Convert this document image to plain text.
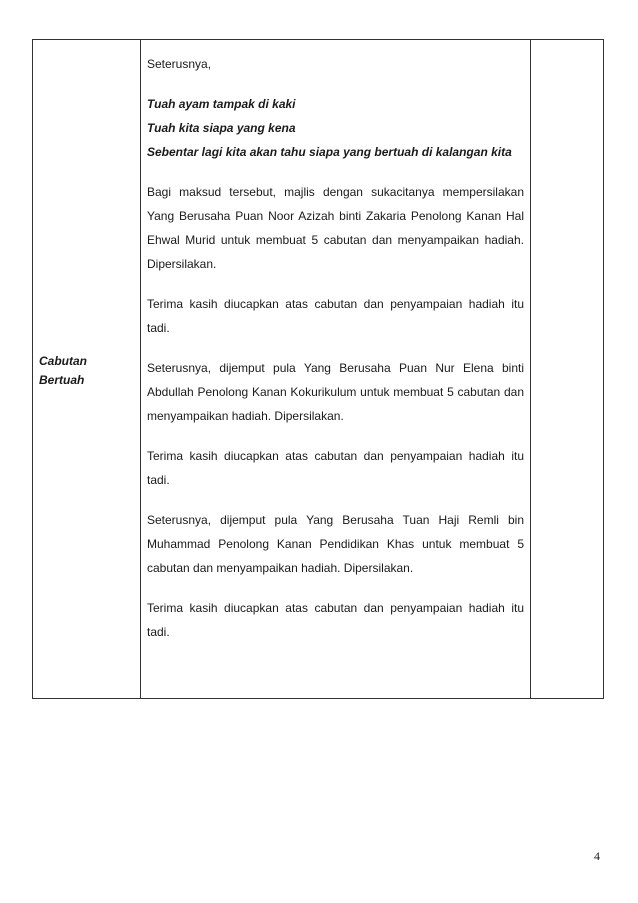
Cabutan
Bertuah

Seterusnya,

Tuah ayam tampak di kaki

Tuah kita siapa yang kena

Sebentar lagi kita akan tahu siapa yang bertuah di kalangan kita

Bagi maksud tersebut, majlis dengan sukacitanya mempersilakan Yang Berusaha Puan Noor Azizah binti Zakaria Penolong Kanan Hal Ehwal Murid untuk membuat 5 cabutan dan menyampaikan hadiah. Dipersilakan.

Terima kasih diucapkan atas cabutan dan penyampaian hadiah itu tadi.

Seterusnya, dijemput pula Yang Berusaha Puan Nur Elena binti Abdullah Penolong Kanan Kokurikulum untuk membuat 5 cabutan dan menyampaikan hadiah. Dipersilakan.

Terima kasih diucapkan atas cabutan dan penyampaian hadiah itu tadi.

Seterusnya, dijemput pula Yang Berusaha Tuan Haji Remli bin Muhammad Penolong Kanan Pendidikan Khas untuk membuat 5 cabutan dan menyampaikan hadiah. Dipersilakan.

Terima kasih diucapkan atas cabutan dan penyampaian hadiah itu tadi.

4
